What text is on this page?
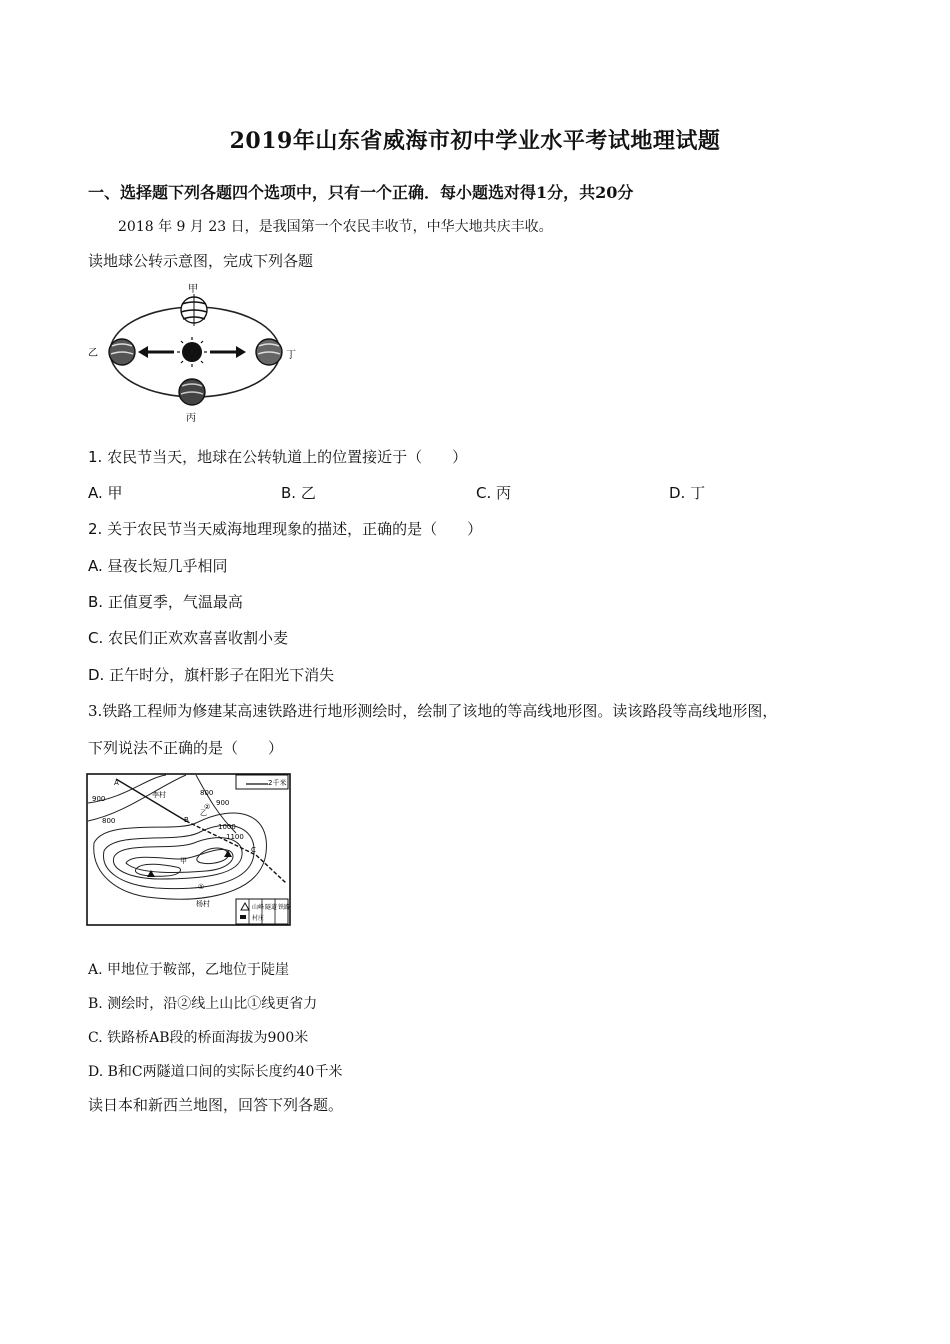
2019年山东省威海市初中学业水平考试地理试题
一、选择题下列各题四个选项中，只有一个正确．每小题选对得1分，共20分
2018 年 9 月 23 日，是我国第一个农民丰收节，中华大地共庆丰收。
读地球公转示意图，完成下列各题
甲
乙
丙
丁
1. 农民节当天，地球在公转轨道上的位置接近于（　　）
A. 甲	B. 乙	C. 丙	D. 丁
2. 关于农民节当天威海地理现象的描述，正确的是（　　）
A. 昼夜长短几乎相同
B. 正值夏季，气温最高
C. 农民们正欢欢喜喜收割小麦
D. 正午时分，旗杆影子在阳光下消失
3.铁路工程师为修建某高速铁路进行地形测绘时，绘制了该地的等高线地形图。读该路段等高线地形图，
下列说法不正确的是（　　）
2千米
山峰 隧道 铁路
村庄
A
B
C
甲
乙
①
②
李村
杨村
900
800
800
900
1000
1100
A. 甲地位于鞍部，乙地位于陡崖
B. 测绘时，沿②线上山比①线更省力
C. 铁路桥AB段的桥面海拔为900米
D. B和C两隧道口间的实际长度约40千米
读日本和新西兰地图，回答下列各题。
